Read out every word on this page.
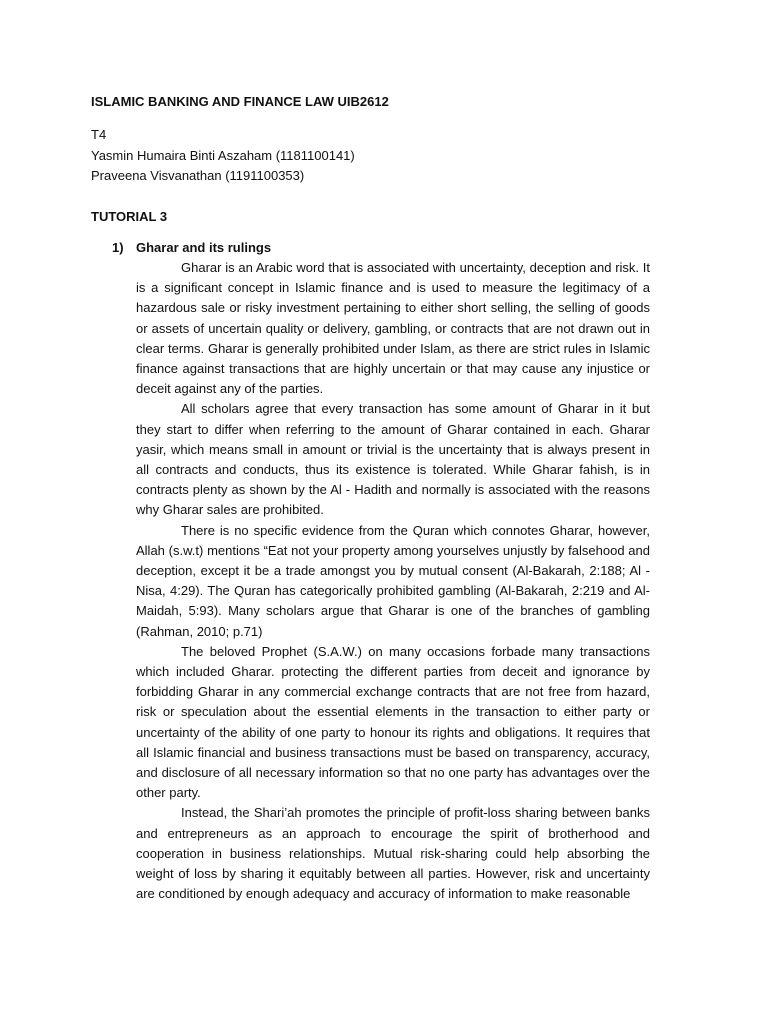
ISLAMIC BANKING AND FINANCE LAW UIB2612
T4
Yasmin Humaira Binti Aszaham (1181100141)
Praveena Visvanathan (1191100353)
TUTORIAL 3
1) Gharar and its rulings

Gharar is an Arabic word that is associated with uncertainty, deception and risk. It is a significant concept in Islamic finance and is used to measure the legitimacy of a hazardous sale or risky investment pertaining to either short selling, the selling of goods or assets of uncertain quality or delivery, gambling, or contracts that are not drawn out in clear terms. Gharar is generally prohibited under Islam, as there are strict rules in Islamic finance against transactions that are highly uncertain or that may cause any injustice or deceit against any of the parties.

All scholars agree that every transaction has some amount of Gharar in it but they start to differ when referring to the amount of Gharar contained in each. Gharar yasir, which means small in amount or trivial is the uncertainty that is always present in all contracts and conducts, thus its existence is tolerated. While Gharar fahish, is in contracts plenty as shown by the Al - Hadith and normally is associated with the reasons why Gharar sales are prohibited.

There is no specific evidence from the Quran which connotes Gharar, however, Allah (s.w.t) mentions “Eat not your property among yourselves unjustly by falsehood and deception, except it be a trade amongst you by mutual consent (Al-Bakarah, 2:188; Al - Nisa, 4:29). The Quran has categorically prohibited gambling (Al-Bakarah, 2:219 and Al- Maidah, 5:93). Many scholars argue that Gharar is one of the branches of gambling (Rahman, 2010; p.71)

The beloved Prophet (S.A.W.) on many occasions forbade many transactions which included Gharar. protecting the different parties from deceit and ignorance by forbidding Gharar in any commercial exchange contracts that are not free from hazard, risk or speculation about the essential elements in the transaction to either party or uncertainty of the ability of one party to honour its rights and obligations. It requires that all Islamic financial and business transactions must be based on transparency, accuracy, and disclosure of all necessary information so that no one party has advantages over the other party.

Instead, the Shari’ah promotes the principle of profit-loss sharing between banks and entrepreneurs as an approach to encourage the spirit of brotherhood and cooperation in business relationships. Mutual risk-sharing could help absorbing the weight of loss by sharing it equitably between all parties. However, risk and uncertainty are conditioned by enough adequacy and accuracy of information to make reasonable
